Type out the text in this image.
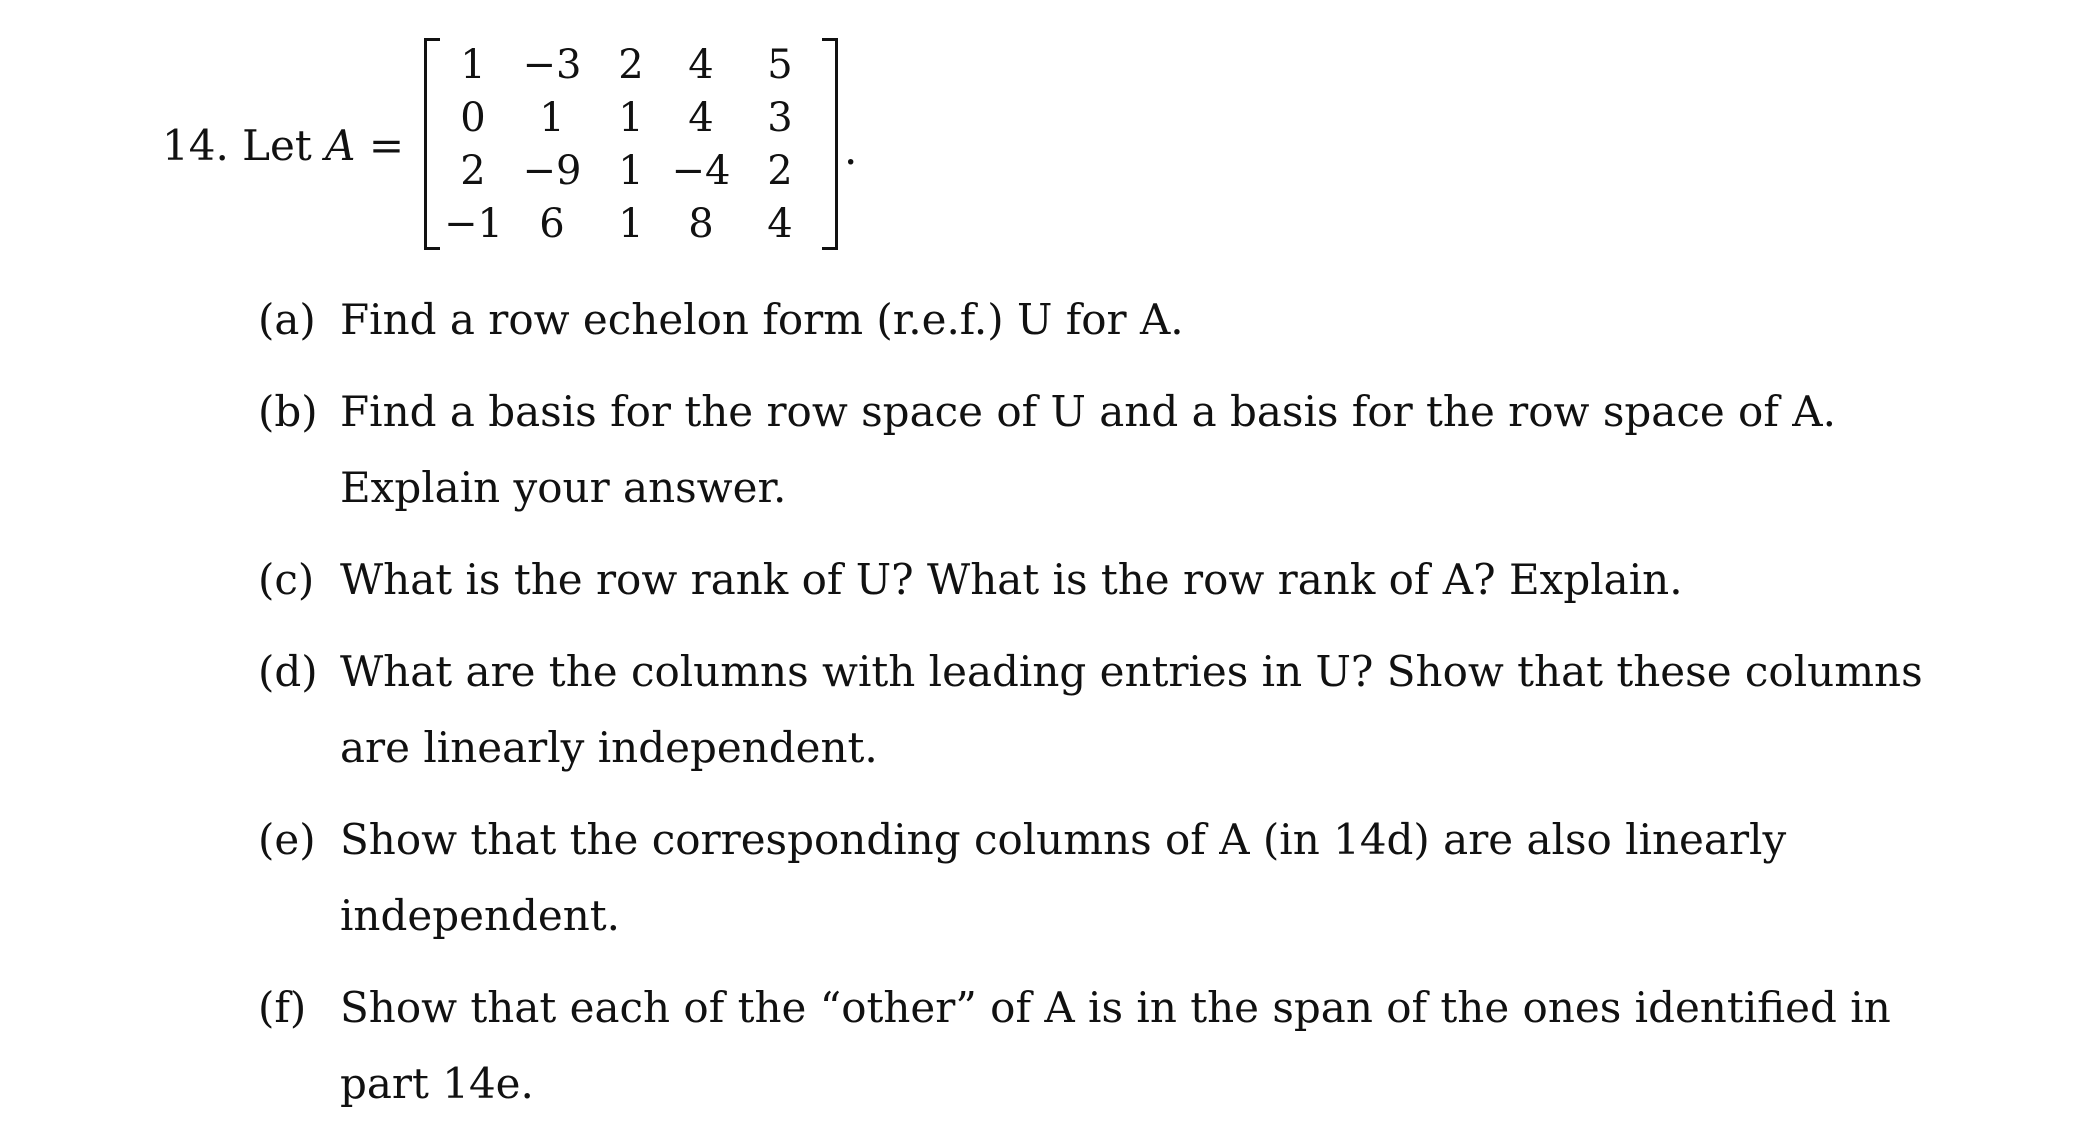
14. Let A =
1 −3 2	4	5
0	1	1	4	3
2 −9 1 −4 2
−1 6	1	8	4
.
(a) Find a row echelon form (r.e.f.) U for A.
(b) Find a basis for the row space of U and a basis for the row space of A. Explain your answer.
(c) What is the row rank of U? What is the row rank of A? Explain.
(d) What are the columns with leading entries in U? Show that these columns are linearly independent.
(e) Show that the corresponding columns of A (in 14d) are also linearly independent.
(f) Show that each of the “other” of A is in the span of the ones identified in part 14e.
